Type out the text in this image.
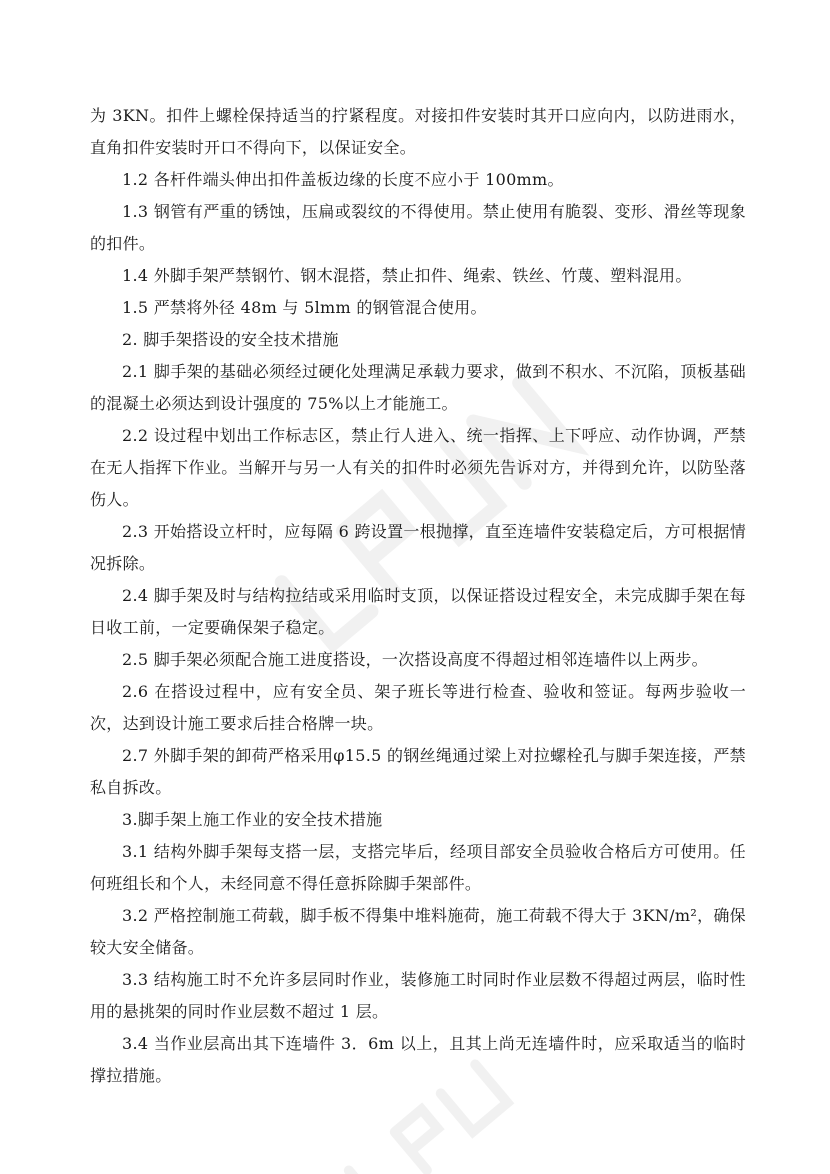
为 3KN。扣件上螺栓保持适当的拧紧程度。对接扣件安装时其开口应向内，以防进雨水，直角扣件安装时开口不得向下，以保证安全。

1.2 各杆件端头伸出扣件盖板边缘的长度不应小于 100mm。

1.3 钢管有严重的锈蚀，压扁或裂纹的不得使用。禁止使用有脆裂、变形、滑丝等现象的扣件。

1.4 外脚手架严禁钢竹、钢木混搭，禁止扣件、绳索、铁丝、竹蔑、塑料混用。

1.5 严禁将外径 48m 与 5lmm 的钢管混合使用。

2. 脚手架搭设的安全技术措施

2.1 脚手架的基础必须经过硬化处理满足承载力要求，做到不积水、不沉陷，顶板基础的混凝土必须达到设计强度的 75%以上才能施工。

2.2 设过程中划出工作标志区，禁止行人进入、统一指挥、上下呼应、动作协调，严禁在无人指挥下作业。当解开与另一人有关的扣件时必须先告诉对方，并得到允许，以防坠落伤人。

2.3 开始搭设立杆时，应每隔 6 跨设置一根抛撑，直至连墙件安装稳定后，方可根据情况拆除。

2.4 脚手架及时与结构拉结或采用临时支顶，以保证搭设过程安全，未完成脚手架在每日收工前，一定要确保架子稳定。

2.5 脚手架必须配合施工进度搭设，一次搭设高度不得超过相邻连墙件以上两步。

2.6 在搭设过程中，应有安全员、架子班长等进行检查、验收和签证。每两步验收一次，达到设计施工要求后挂合格牌一块。

2.7 外脚手架的卸荷严格采用φ15.5 的钢丝绳通过梁上对拉螺栓孔与脚手架连接，严禁私自拆改。

3.脚手架上施工作业的安全技术措施

3.1 结构外脚手架每支搭一层，支搭完毕后，经项目部安全员验收合格后方可使用。任何班组长和个人，未经同意不得任意拆除脚手架部件。

3.2 严格控制施工荷载，脚手板不得集中堆料施荷，施工荷载不得大于 3KN/m²，确保较大安全储备。

3.3 结构施工时不允许多层同时作业，装修施工时同时作业层数不得超过两层，临时性用的悬挑架的同时作业层数不超过 1 层。

3.4 当作业层高出其下连墙件 3．6m 以上，且其上尚无连墙件时，应采取适当的临时撑拉措施。
